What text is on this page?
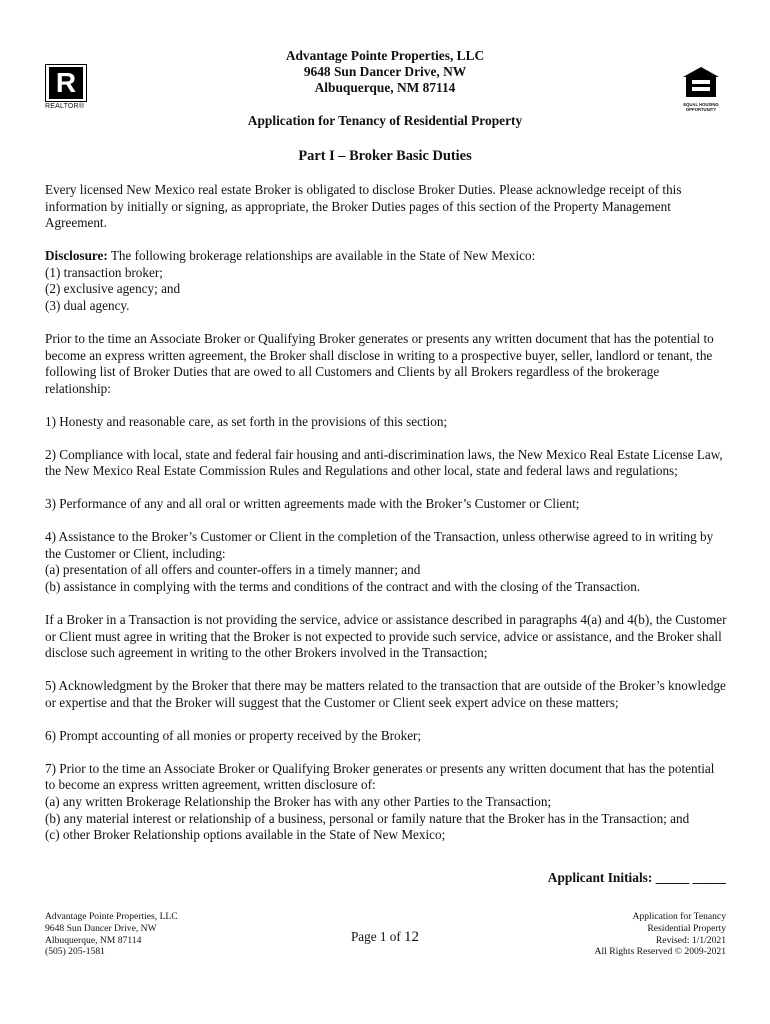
R
REALTOR®	EQUAL HOUSING
OPPORTUNITY
Advantage Pointe Properties, LLC
9648 Sun Dancer Drive, NW
Albuquerque, NM 87114
Application for Tenancy of Residential Property
Part I – Broker Basic Duties

Every licensed New Mexico real estate Broker is obligated to disclose Broker Duties. Please acknowledge receipt of this information by initially or signing, as appropriate, the Broker Duties pages of this section of the Property Management Agreement.

Disclosure: The following brokerage relationships are available in the State of New Mexico:
(1) transaction broker;
(2) exclusive agency; and
(3) dual agency.

Prior to the time an Associate Broker or Qualifying Broker generates or presents any written document that has the potential to become an express written agreement, the Broker shall disclose in writing to a prospective buyer, seller, landlord or tenant, the following list of Broker Duties that are owed to all Customers and Clients by all Brokers regardless of the brokerage relationship:

1) Honesty and reasonable care, as set forth in the provisions of this section;

2) Compliance with local, state and federal fair housing and anti-discrimination laws, the New Mexico Real Estate License Law, the New Mexico Real Estate Commission Rules and Regulations and other local, state and federal laws and regulations;

3) Performance of any and all oral or written agreements made with the Broker’s Customer or Client;

4) Assistance to the Broker’s Customer or Client in the completion of the Transaction, unless otherwise agreed to in writing by the Customer or Client, including:
(a) presentation of all offers and counter-offers in a timely manner; and
(b) assistance in complying with the terms and conditions of the contract and with the closing of the Transaction.

If a Broker in a Transaction is not providing the service, advice or assistance described in paragraphs 4(a) and 4(b), the Customer or Client must agree in writing that the Broker is not expected to provide such service, advice or assistance, and the Broker shall disclose such agreement in writing to the other Brokers involved in the Transaction;

5) Acknowledgment by the Broker that there may be matters related to the transaction that are outside of the Broker’s knowledge or expertise and that the Broker will suggest that the Customer or Client seek expert advice on these matters;

6) Prompt accounting of all monies or property received by the Broker;

7) Prior to the time an Associate Broker or Qualifying Broker generates or presents any written document that has the potential to become an express written agreement, written disclosure of:
(a) any written Brokerage Relationship the Broker has with any other Parties to the Transaction;
(b) any material interest or relationship of a business, personal or family nature that the Broker has in the Transaction; and
(c) other Broker Relationship options available in the State of New Mexico;

Applicant Initials: _____ _____
Advantage Pointe Properties, LLC
9648 Sun Dancer Drive, NW
Albuquerque, NM 87114
(505) 205-1581
Page 1 of 12
Application for Tenancy
Residential Property
Revised: 1/1/2021
All Rights Reserved © 2009-2021
